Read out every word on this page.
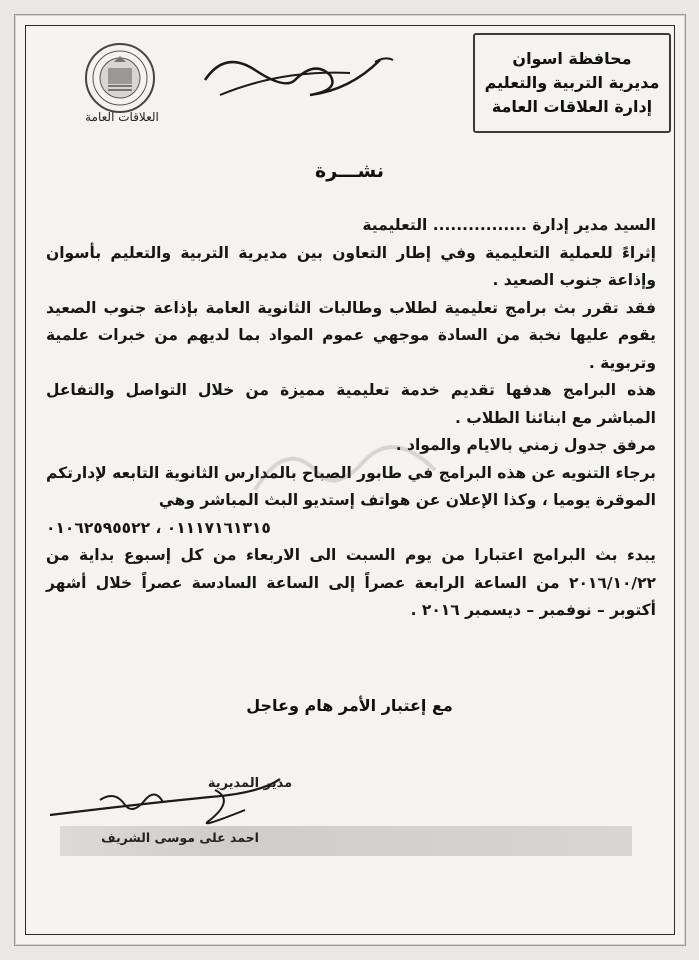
محافظة اسوان
مديرية التربية والتعليم
إدارة العلاقات العامة
العلاقات العامة
نشـــرة

السيد مدير إدارة ................ التعليمية

إثراءً للعملية التعليمية وفي إطار التعاون بين مديرية التربية والتعليم بأسوان وإذاعة جنوب الصعيد .

فقد تقرر بث برامج تعليمية لطلاب وطالبات الثانوية العامة بإذاعة جنوب الصعيد يقوم عليها نخبة من السادة موجهي عموم المواد بما لديهم من خبرات علمية وتربوية .

هذه البرامج هدفها تقديم خدمة تعليمية مميزة من خلال التواصل والتفاعل المباشر مع ابنائنا الطلاب .

مرفق جدول زمني بالايام والمواد .

برجاء التنويه عن هذه البرامج في طابور الصباح بالمدارس الثانوية التابعه لإدارتكم الموقرة يوميا ، وكذا الإعلان عن هواتف إستديو البث المباشر وهي

٠١١١٧١٦١٣١٥ ، ٠١٠٦٢٥٩٥٥٢٢

يبدء بث البرامج اعتبارا من يوم السبت الى الاربعاء من كل إسبوع بداية من ٢٠١٦/١٠/٢٢ من الساعة الرابعة عصراً إلى الساعة السادسة عصراً خلال أشهر أكتوبر – نوفمبر – ديسمبر ٢٠١٦ .

مع إعتبار الأمر هام وعاجل
مدير المديرية
احمد على موسى الشريف
